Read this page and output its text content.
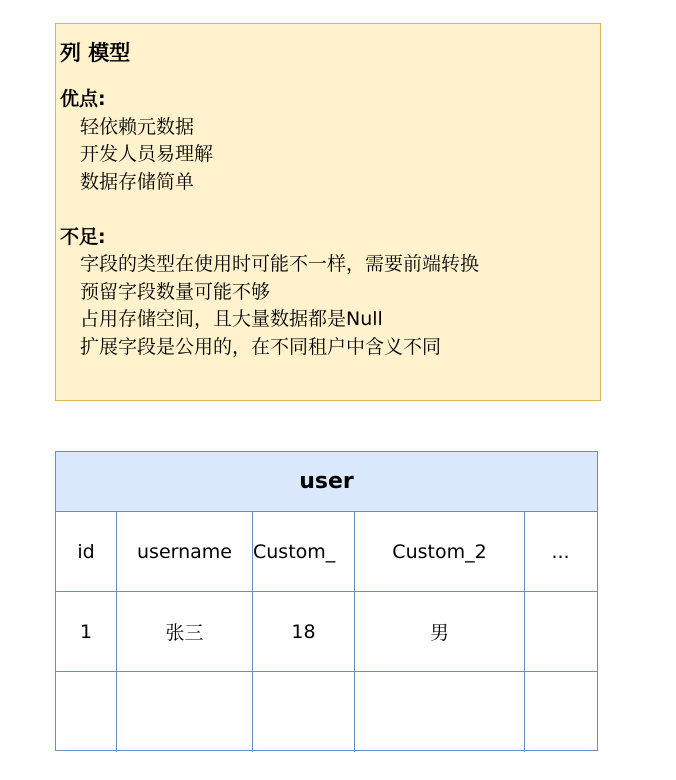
列 模型
优点:
轻依赖元数据
开发人员易理解
数据存储简单
不足:
字段的类型在使用时可能不一样，需要前端转换
预留字段数量可能不够
占用存储空间，且大量数据都是Null
扩展字段是公用的，在不同租户中含义不同
user
id	username	Custom_	Custom_2	...
1	张三	18	男
